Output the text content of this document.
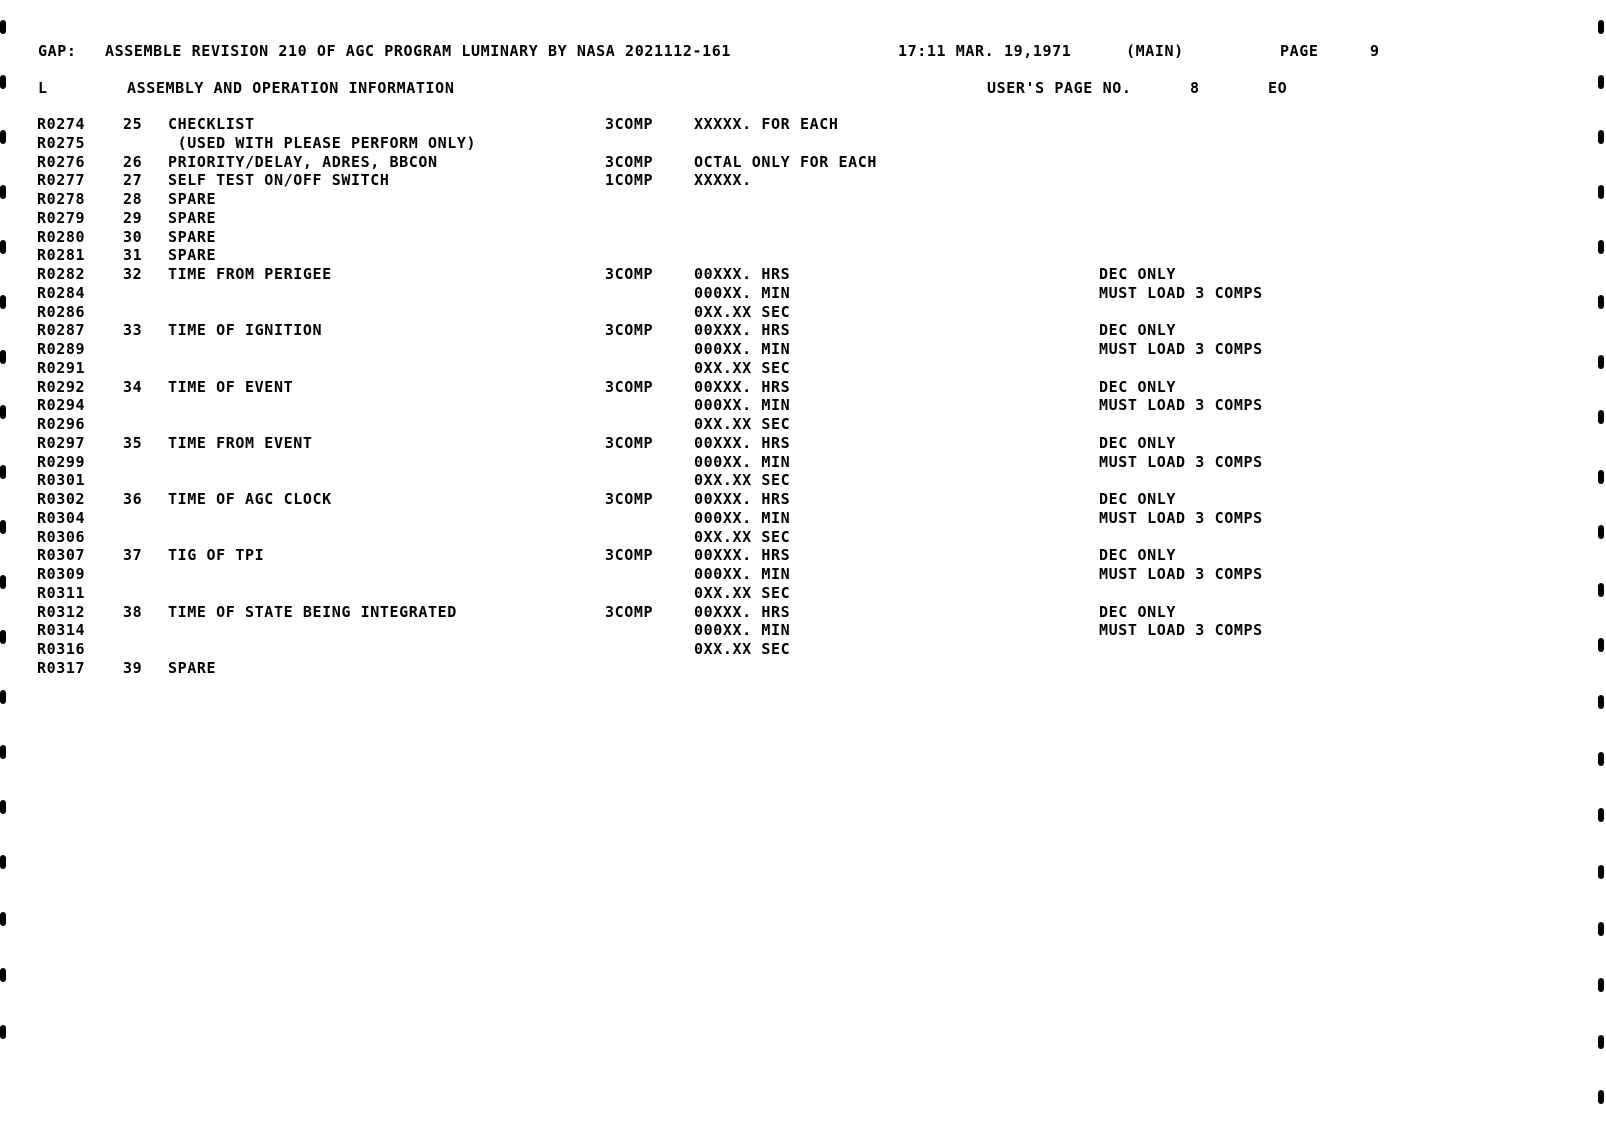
GAP: ASSEMBLE REVISION 210 OF AGC PROGRAM LUMINARY BY NASA 2021112-161	17:11 MAR. 19,1971	(MAIN)	PAGE	9
L	ASSEMBLY AND OPERATION INFORMATION	USER'S PAGE NO.	8	EO
R0274	25 CHECKLIST	3COMP	XXXXX. FOR EACH
R0275	(USED WITH PLEASE PERFORM ONLY)
R0276	26 PRIORITY/DELAY, ADRES, BBCON	3COMP	OCTAL ONLY FOR EACH
R0277	27 SELF TEST ON/OFF SWITCH	1COMP	XXXXX.
R0278	28 SPARE
R0279	29 SPARE
R0280	30 SPARE
R0281	31 SPARE
R0282	32 TIME FROM PERIGEE	3COMP	00XXX. HRS	DEC ONLY
R0284	000XX. MIN	MUST LOAD 3 COMPS
R0286	0XX.XX SEC
R0287	33 TIME OF IGNITION	3COMP	00XXX. HRS	DEC ONLY
R0289	000XX. MIN	MUST LOAD 3 COMPS
R0291	0XX.XX SEC
R0292	34 TIME OF EVENT	3COMP	00XXX. HRS	DEC ONLY
R0294	000XX. MIN	MUST LOAD 3 COMPS
R0296	0XX.XX SEC
R0297	35 TIME FROM EVENT	3COMP	00XXX. HRS	DEC ONLY
R0299	000XX. MIN	MUST LOAD 3 COMPS
R0301	0XX.XX SEC
R0302	36 TIME OF AGC CLOCK	3COMP	00XXX. HRS	DEC ONLY
R0304	000XX. MIN	MUST LOAD 3 COMPS
R0306	0XX.XX SEC
R0307	37 TIG OF TPI	3COMP	00XXX. HRS	DEC ONLY
R0309	000XX. MIN	MUST LOAD 3 COMPS
R0311	0XX.XX SEC
R0312	38 TIME OF STATE BEING INTEGRATED	3COMP	00XXX. HRS	DEC ONLY
R0314	000XX. MIN	MUST LOAD 3 COMPS
R0316	0XX.XX SEC
R0317	39 SPARE
